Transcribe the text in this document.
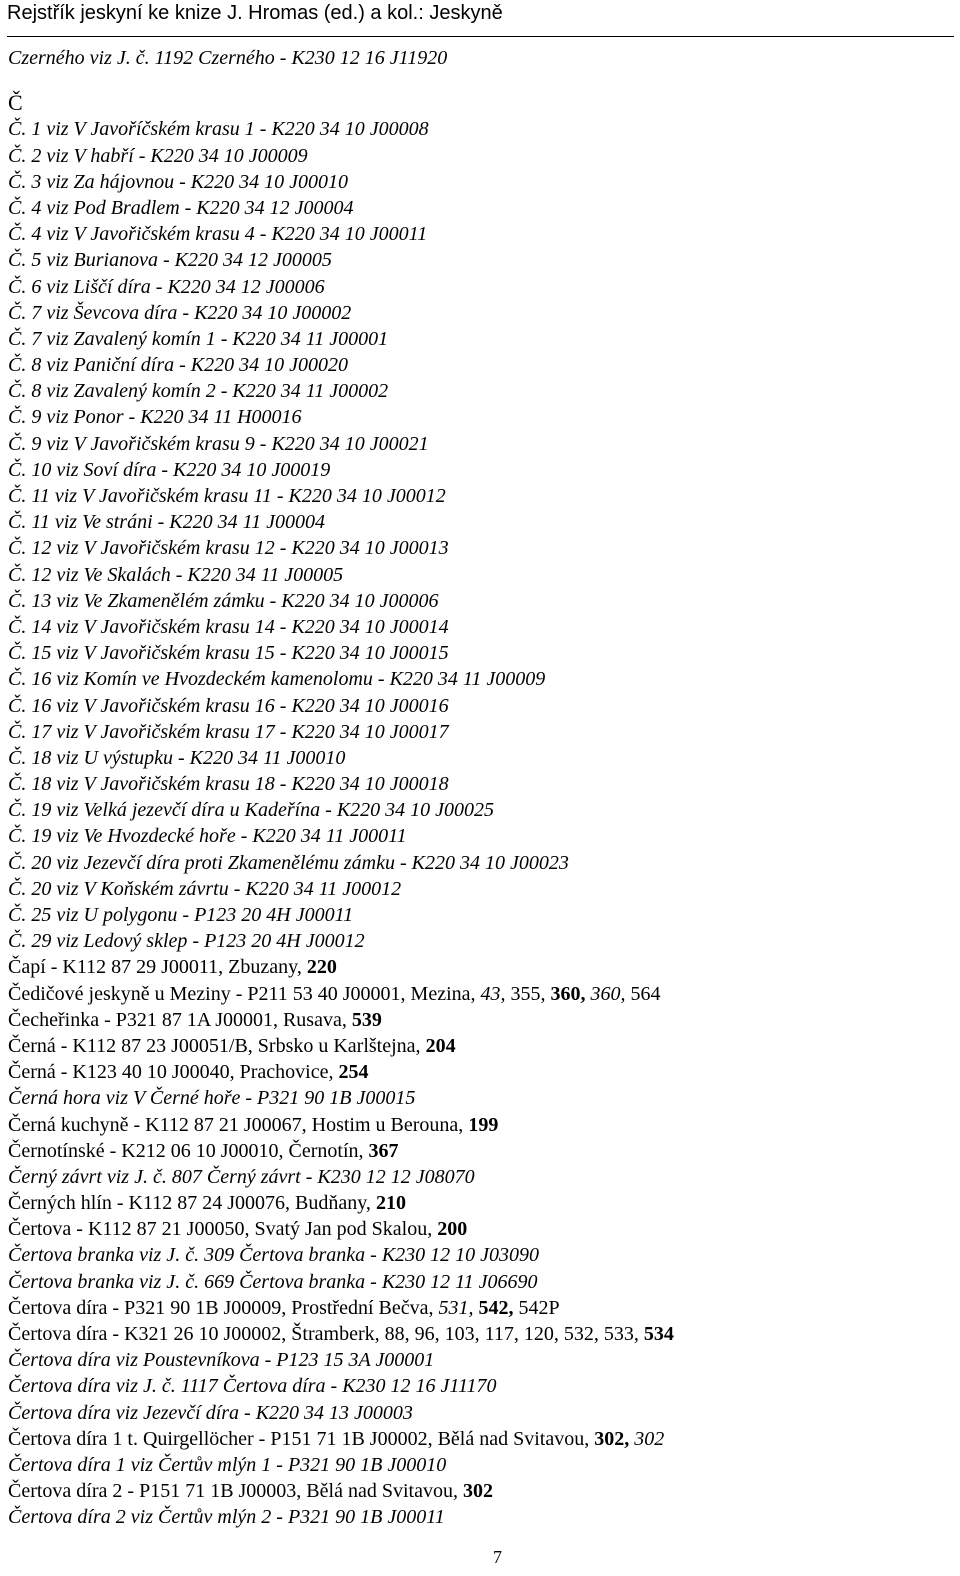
Rejstřík jeskyní ke knize J. Hromas (ed.) a kol.: Jeskyně
Czerného viz J. č. 1192 Czerného - K230 12 16 J11920
Č
Č. 1 viz V Javoříčském krasu 1 - K220 34 10 J00008
Č. 2 viz V habří - K220 34 10 J00009
Č. 3 viz Za hájovnou - K220 34 10 J00010
Č. 4 viz Pod Bradlem - K220 34 12 J00004
Č. 4 viz V Javořičském krasu 4 - K220 34 10 J00011
Č. 5 viz Burianova - K220 34 12 J00005
Č. 6 viz Liščí díra - K220 34 12 J00006
Č. 7 viz Ševcova díra - K220 34 10 J00002
Č. 7 viz Zavalený komín 1 - K220 34 11 J00001
Č. 8 viz Paniční díra - K220 34 10 J00020
Č. 8 viz Zavalený komín 2 - K220 34 11 J00002
Č. 9 viz Ponor - K220 34 11 H00016
Č. 9 viz V Javořičském krasu 9 - K220 34 10 J00021
Č. 10 viz Soví díra - K220 34 10 J00019
Č. 11 viz V Javořičském krasu 11 - K220 34 10 J00012
Č. 11 viz Ve stráni - K220 34 11 J00004
Č. 12 viz V Javořičském krasu 12 - K220 34 10 J00013
Č. 12 viz Ve Skalách - K220 34 11 J00005
Č. 13 viz Ve Zkamenělém zámku - K220 34 10 J00006
Č. 14 viz V Javořičském krasu 14 - K220 34 10 J00014
Č. 15 viz V Javořičském krasu 15 - K220 34 10 J00015
Č. 16 viz Komín ve Hvozdeckém kamenolomu - K220 34 11 J00009
Č. 16 viz V Javořičském krasu 16 - K220 34 10 J00016
Č. 17 viz V Javořičském krasu 17 - K220 34 10 J00017
Č. 18 viz U výstupku - K220 34 11 J00010
Č. 18 viz V Javořičském krasu 18 - K220 34 10 J00018
Č. 19 viz Velká jezevčí díra u Kadeřína - K220 34 10 J00025
Č. 19 viz Ve Hvozdecké hoře - K220 34 11 J00011
Č. 20 viz Jezevčí díra proti Zkamenělému zámku - K220 34 10 J00023
Č. 20 viz V Koňském závrtu - K220 34 11 J00012
Č. 25 viz U polygonu - P123 20 4H J00011
Č. 29 viz Ledový sklep - P123 20 4H J00012
Čapí - K112 87 29 J00011, Zbuzany, 220
Čedičové jeskyně u Meziny - P211 53 40 J00001, Mezina, 43, 355, 360, 360, 564
Čecheřinka - P321 87 1A J00001, Rusava, 539
Černá - K112 87 23 J00051/B, Srbsko u Karlštejna, 204
Černá - K123 40 10 J00040, Prachovice, 254
Černá hora viz V Černé hoře - P321 90 1B J00015
Černá kuchyně - K112 87 21 J00067, Hostim u Berouna, 199
Černotínské - K212 06 10 J00010, Černotín, 367
Černý závrt viz J. č. 807 Černý závrt - K230 12 12 J08070
Černých hlín - K112 87 24 J00076, Budňany, 210
Čertova - K112 87 21 J00050, Svatý Jan pod Skalou, 200
Čertova branka viz J. č. 309 Čertova branka - K230 12 10 J03090
Čertova branka viz J. č. 669 Čertova branka - K230 12 11 J06690
Čertova díra - P321 90 1B J00009, Prostřední Bečva, 531, 542, 542P
Čertova díra - K321 26 10 J00002, Štramberk, 88, 96, 103, 117, 120, 532, 533, 534
Čertova díra viz Poustevníkova - P123 15 3A J00001
Čertova díra viz J. č. 1117 Čertova díra - K230 12 16 J11170
Čertova díra viz Jezevčí díra - K220 34 13 J00003
Čertova díra 1 t. Quirgellöcher - P151 71 1B J00002, Bělá nad Svitavou, 302, 302
Čertova díra 1 viz Čertův mlýn 1 - P321 90 1B J00010
Čertova díra 2 - P151 71 1B J00003, Bělá nad Svitavou, 302
Čertova díra 2 viz Čertův mlýn 2 - P321 90 1B J00011
7
